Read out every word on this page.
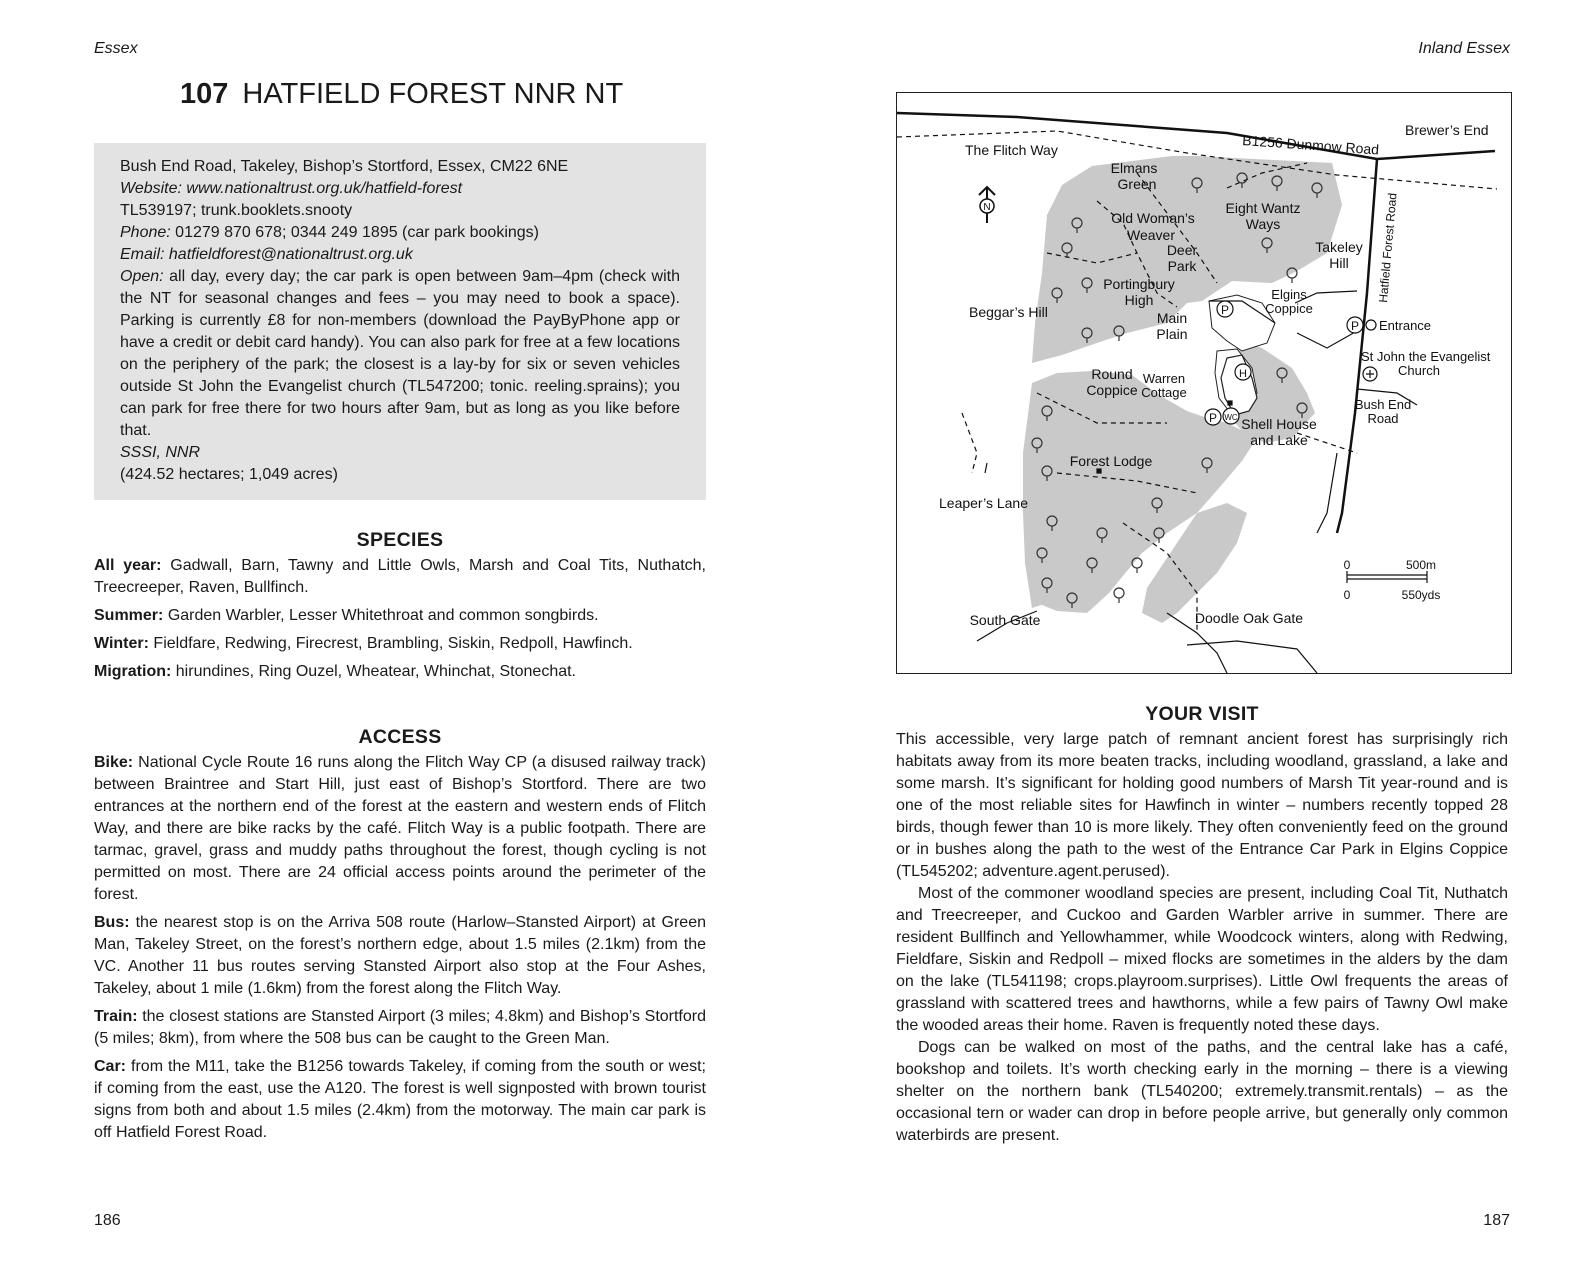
Essex
107 HATFIELD FOREST NNR NT

Bush End Road, Takeley, Bishop’s Stortford, Essex, CM22 6NE

Website: www.nationaltrust.org.uk/hatfield-forest

TL539197; trunk.booklets.snooty

Phone: 01279 870 678; 0344 249 1895 (car park bookings)

Email: hatfieldforest@nationaltrust.org.uk

Open: all day, every day; the car park is open between 9am–4pm (check with the NT for seasonal changes and fees – you may need to book a space). Parking is currently £8 for non-members (download the PayByPhone app or have a credit or debit card handy). You can also park for free at a few locations on the periphery of the park; the closest is a lay-by for six or seven vehicles outside St John the Evangelist church (TL547200; tonic. reeling.sprains); you can park for free there for two hours after 9am, but as long as you like before that.

SSSI, NNR

(424.52 hectares; 1,049 acres)

SPECIES

All year: Gadwall, Barn, Tawny and Little Owls, Marsh and Coal Tits, Nuthatch, Treecreeper, Raven, Bullfinch.

Summer: Garden Warbler, Lesser Whitethroat and common songbirds.

Winter: Fieldfare, Redwing, Firecrest, Brambling, Siskin, Redpoll, Hawfinch.

Migration: hirundines, Ring Ouzel, Wheatear, Whinchat, Stonechat.

ACCESS

Bike: National Cycle Route 16 runs along the Flitch Way CP (a disused railway track) between Braintree and Start Hill, just east of Bishop’s Stortford. There are two entrances at the northern end of the forest at the eastern and western ends of Flitch Way, and there are bike racks by the café. Flitch Way is a public footpath. There are tarmac, gravel, grass and muddy paths throughout the forest, though cycling is not permitted on most. There are 24 official access points around the perimeter of the forest.

Bus: the nearest stop is on the Arriva 508 route (Harlow–Stansted Airport) at Green Man, Takeley Street, on the forest’s northern edge, about 1.5 miles (2.1km) from the VC. Another 11 bus routes serving Stansted Airport also stop at the Four Ashes, Takeley, about 1 mile (1.6km) from the forest along the Flitch Way.

Train: the closest stations are Stansted Airport (3 miles; 4.8km) and Bishop’s Stortford (5 miles; 8km), from where the 508 bus can be caught to the Green Man.

Car: from the M11, take the B1256 towards Takeley, if coming from the south or west; if coming from the east, use the A120. The forest is well signposted with brown tourist signs from both and about 1.5 miles (2.4km) from the motorway. The main car park is off Hatfield Forest Road.

186
Inland Essex
P
P
P
H
WC
N
B1256 Dunmow Road
Brewer’s End
The Flitch Way
Elmans
Green
Old Woman’s
Weaver
Deer
Park
Eight Wantz
Ways
Takeley
Hill Hatfield Forest Road
Portingbury
High	Elgins
Coppice
Beggar’s Hill	Main
Plain
Entrance
St John the Evangelist
Church
Round
Coppice
Warren
Cottage
Bush End
Road
Shell House
and Lake
Forest Lodge
Leaper’s Lane
0	500m
0	550yds
South Gate	Doodle Oak Gate
YOUR VISIT

This accessible, very large patch of remnant ancient forest has surprisingly rich habitats away from its more beaten tracks, including woodland, grassland, a lake and some marsh. It’s significant for holding good numbers of Marsh Tit year-round and is one of the most reliable sites for Hawfinch in winter – numbers recently topped 28 birds, though fewer than 10 is more likely. They often conveniently feed on the ground or in bushes along the path to the west of the Entrance Car Park in Elgins Coppice (TL545202; adventure.agent.perused).

Most of the commoner woodland species are present, including Coal Tit, Nuthatch and Treecreeper, and Cuckoo and Garden Warbler arrive in summer. There are resident Bullfinch and Yellowhammer, while Woodcock winters, along with Redwing, Fieldfare, Siskin and Redpoll – mixed flocks are sometimes in the alders by the dam on the lake (TL541198; crops.playroom.surprises). Little Owl frequents the areas of grassland with scattered trees and hawthorns, while a few pairs of Tawny Owl make the wooded areas their home. Raven is frequently noted these days.

Dogs can be walked on most of the paths, and the central lake has a café, bookshop and toilets. It’s worth checking early in the morning – there is a viewing shelter on the northern bank (TL540200; extremely.transmit.rentals) – as the occasional tern or wader can drop in before people arrive, but generally only common waterbirds are present.

187
